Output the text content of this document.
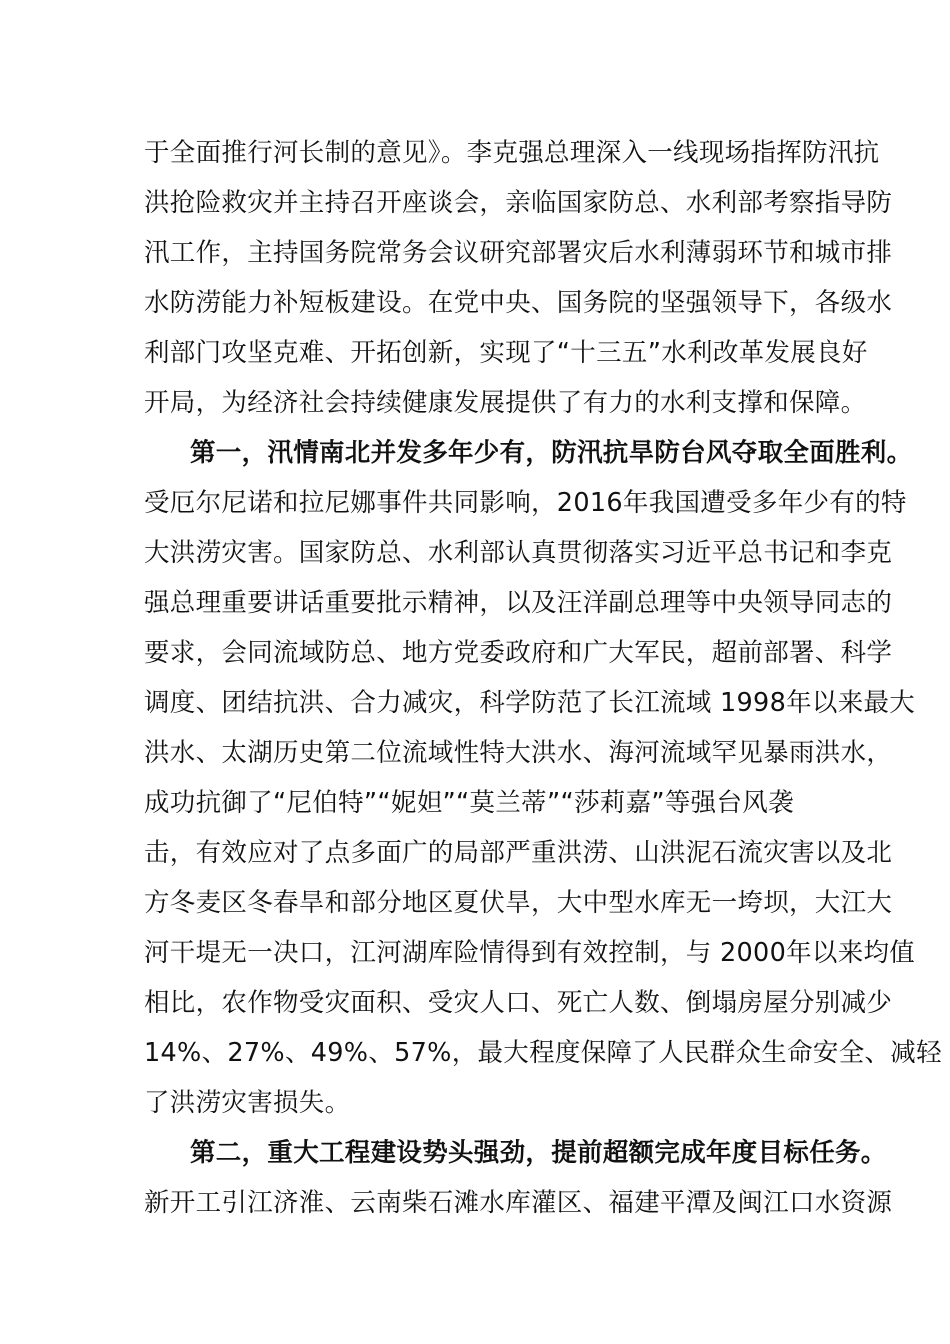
于全面推行河长制的意见》。李克强总理深入一线现场指挥防汛抗
洪抢险救灾并主持召开座谈会，亲临国家防总、水利部考察指导防
汛工作，主持国务院常务会议研究部署灾后水利薄弱环节和城市排
水防涝能力补短板建设。在党中央、国务院的坚强领导下，各级水
利部门攻坚克难、开拓创新，实现了“十三五”水利改革发展良好
开局，为经济社会持续健康发展提供了有力的水利支撑和保障。
第一，汛情南北并发多年少有，防汛抗旱防台风夺取全面胜利。
受厄尔尼诺和拉尼娜事件共同影响，2016年我国遭受多年少有的特
大洪涝灾害。国家防总、水利部认真贯彻落实习近平总书记和李克
强总理重要讲话重要批示精神，以及汪洋副总理等中央领导同志的
要求，会同流域防总、地方党委政府和广大军民，超前部署、科学
调度、团结抗洪、合力减灾，科学防范了长江流域 1998年以来最大
洪水、太湖历史第二位流域性特大洪水、海河流域罕见暴雨洪水，
成功抗御了“尼伯特”“妮妲”“莫兰蒂”“莎莉嘉”等强台风袭
击，有效应对了点多面广的局部严重洪涝、山洪泥石流灾害以及北
方冬麦区冬春旱和部分地区夏伏旱，大中型水库无一垮坝，大江大
河干堤无一决口，江河湖库险情得到有效控制，与 2000年以来均值
相比，农作物受灾面积、受灾人口、死亡人数、倒塌房屋分别减少
14%、27%、49%、57%，最大程度保障了人民群众生命安全、减轻
了洪涝灾害损失。
第二，重大工程建设势头强劲，提前超额完成年度目标任务。
新开工引江济淮、云南柴石滩水库灌区、福建平潭及闽江口水资源
